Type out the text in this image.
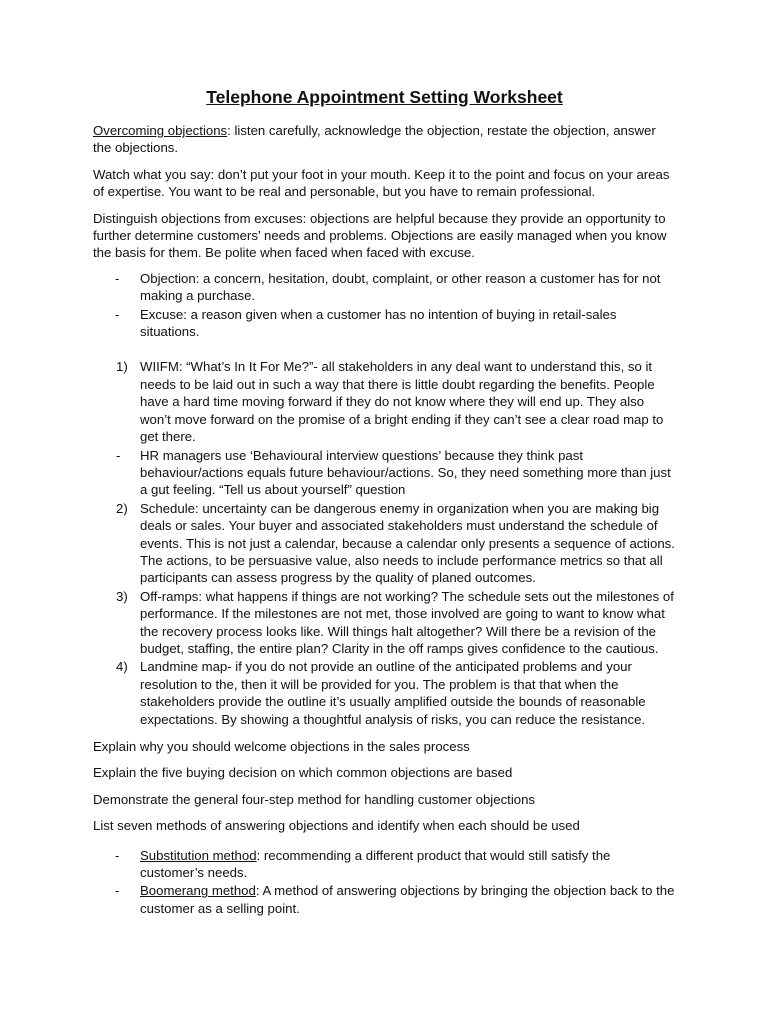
Telephone Appointment Setting Worksheet

Overcoming objections: listen carefully, acknowledge the objection, restate the objection, answer the objections.

Watch what you say: don’t put your foot in your mouth. Keep it to the point and focus on your areas of expertise. You want to be real and personable, but you have to remain professional.

Distinguish objections from excuses: objections are helpful because they provide an opportunity to further determine customers’ needs and problems. Objections are easily managed when you know the basis for them. Be polite when faced when faced with excuse.

-	Objection: a concern, hesitation, doubt, complaint, or other reason a customer has for not making a purchase.
-	Excuse: a reason given when a customer has no intention of buying in retail-sales situations.
1) WIIFM: “What’s In It For Me?”- all stakeholders in any deal want to understand this, so it needs to be laid out in such a way that there is little doubt regarding the benefits. People have a hard time moving forward if they do not know where they will end up. They also won’t move forward on the promise of a bright ending if they can’t see a clear road map to get there.
-	HR managers use ‘Behavioural interview questions’ because they think past behaviour/actions equals future behaviour/actions. So, they need something more than just a gut feeling. “Tell us about yourself” question
2) Schedule: uncertainty can be dangerous enemy in organization when you are making big deals or sales. Your buyer and associated stakeholders must understand the schedule of events. This is not just a calendar, because a calendar only presents a sequence of actions. The actions, to be persuasive value, also needs to include performance metrics so that all participants can assess progress by the quality of planed outcomes.
3) Off-ramps: what happens if things are not working? The schedule sets out the milestones of performance. If the milestones are not met, those involved are going to want to know what the recovery process looks like. Will things halt altogether? Will there be a revision of the budget, staffing, the entire plan? Clarity in the off ramps gives confidence to the cautious.
4) Landmine map- if you do not provide an outline of the anticipated problems and your resolution to the, then it will be provided for you. The problem is that that when the stakeholders provide the outline it’s usually amplified outside the bounds of reasonable expectations. By showing a thoughtful analysis of risks, you can reduce the resistance.

Explain why you should welcome objections in the sales process

Explain the five buying decision on which common objections are based

Demonstrate the general four-step method for handling customer objections

List seven methods of answering objections and identify when each should be used

-	Substitution method: recommending a different product that would still satisfy the customer’s needs.
-	Boomerang method: A method of answering objections by bringing the objection back to the customer as a selling point.
